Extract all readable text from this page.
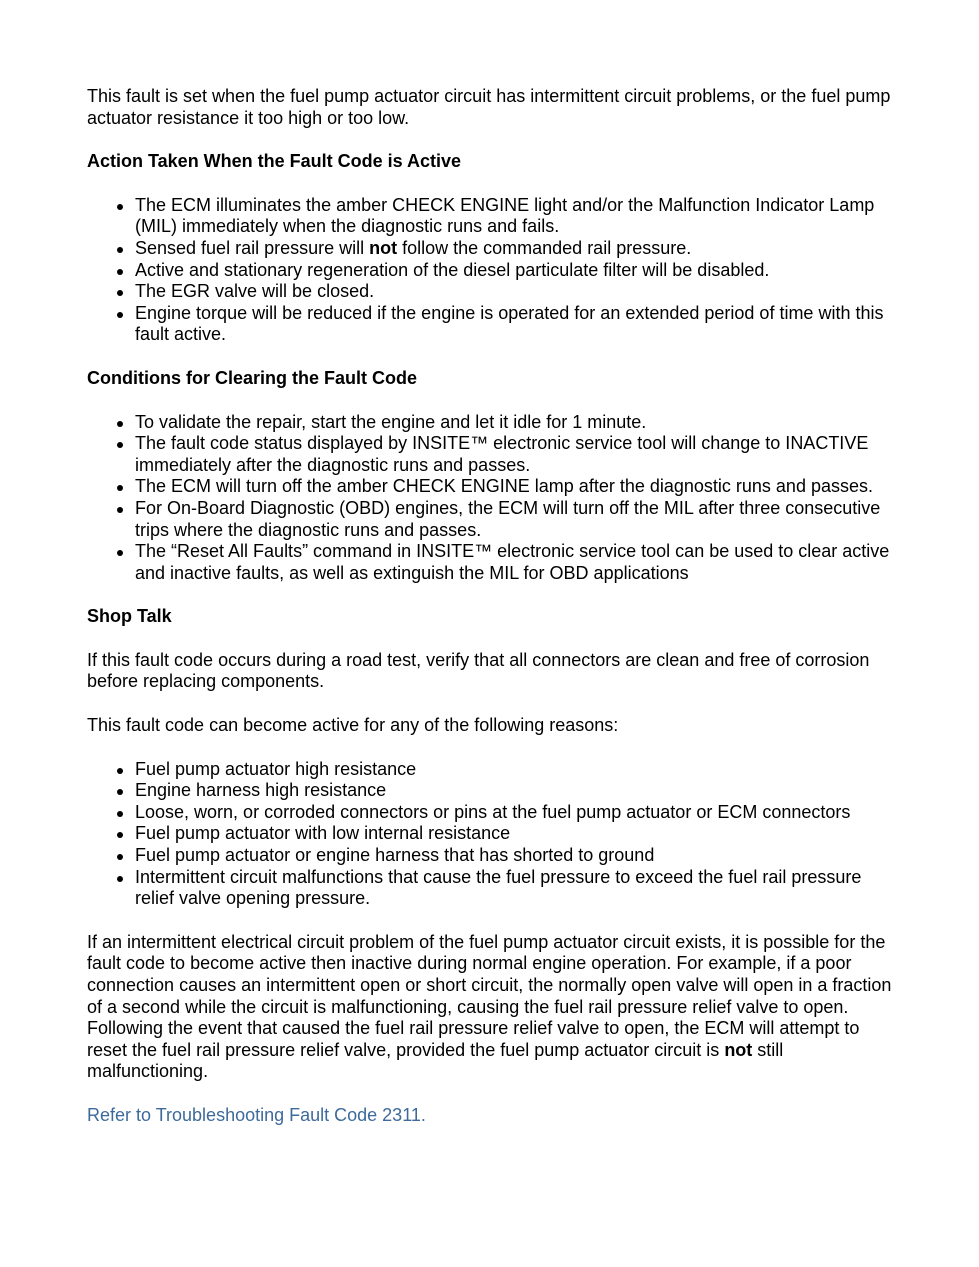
This fault is set when the fuel pump actuator circuit has intermittent circuit problems, or the fuel pump actuator resistance it too high or too low.

Action Taken When the Fault Code is Active
The ECM illuminates the amber CHECK ENGINE light and/or the Malfunction Indicator Lamp (MIL) immediately when the diagnostic runs and fails.
Sensed fuel rail pressure will not follow the commanded rail pressure.
Active and stationary regeneration of the diesel particulate filter will be disabled.
The EGR valve will be closed.
Engine torque will be reduced if the engine is operated for an extended period of time with this fault active.
Conditions for Clearing the Fault Code
To validate the repair, start the engine and let it idle for 1 minute.
The fault code status displayed by INSITE™ electronic service tool will change to INACTIVE immediately after the diagnostic runs and passes.
The ECM will turn off the amber CHECK ENGINE lamp after the diagnostic runs and passes.
For On-Board Diagnostic (OBD) engines, the ECM will turn off the MIL after three consecutive trips where the diagnostic runs and passes.
The “Reset All Faults” command in INSITE™ electronic service tool can be used to clear active and inactive faults, as well as extinguish the MIL for OBD applications
Shop Talk

If this fault code occurs during a road test, verify that all connectors are clean and free of corrosion before replacing components.

This fault code can become active for any of the following reasons:

Fuel pump actuator high resistance
Engine harness high resistance
Loose, worn, or corroded connectors or pins at the fuel pump actuator or ECM connectors
Fuel pump actuator with low internal resistance
Fuel pump actuator or engine harness that has shorted to ground
Intermittent circuit malfunctions that cause the fuel pressure to exceed the fuel rail pressure relief valve opening pressure.

If an intermittent electrical circuit problem of the fuel pump actuator circuit exists, it is possible for the fault code to become active then inactive during normal engine operation. For example, if a poor connection causes an intermittent open or short circuit, the normally open valve will open in a fraction of a second while the circuit is malfunctioning, causing the fuel rail pressure relief valve to open. Following the event that caused the fuel rail pressure relief valve to open, the ECM will attempt to reset the fuel rail pressure relief valve, provided the fuel pump actuator circuit is not still malfunctioning.

Refer to Troubleshooting Fault Code 2311.
